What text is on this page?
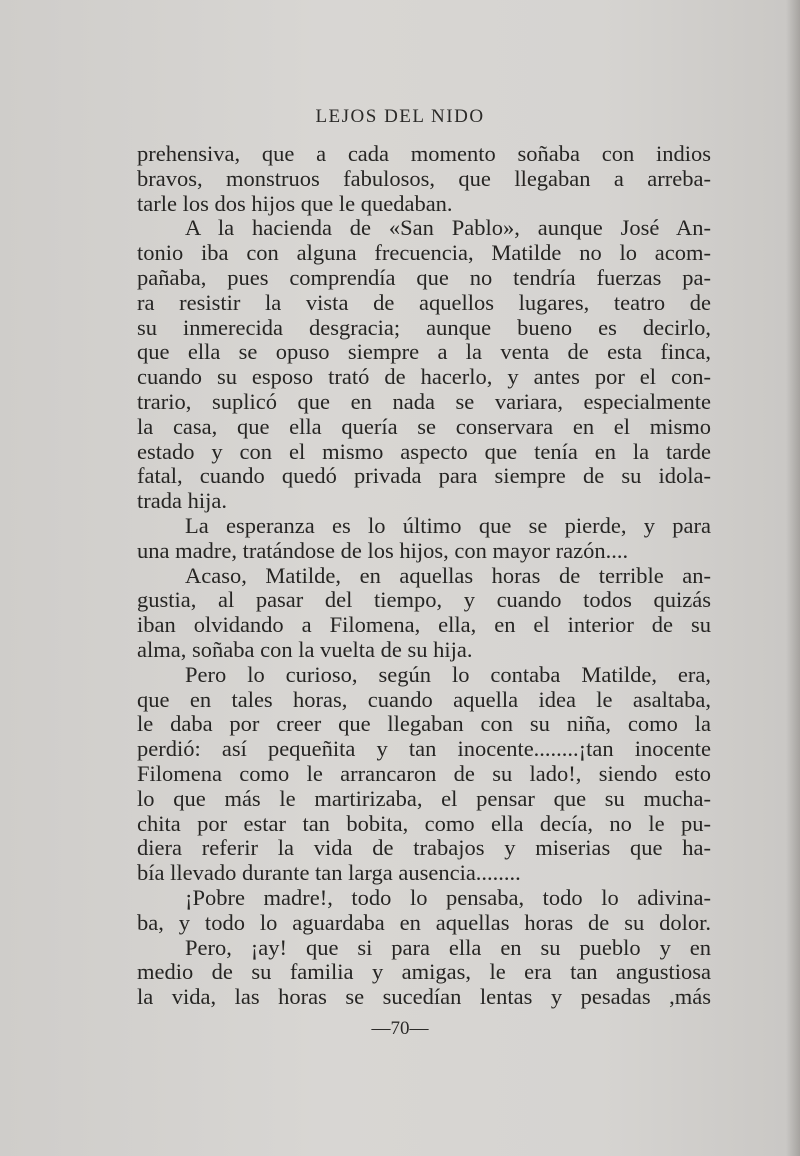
LEJOS DEL NIDO
prehensiva, que a cada momento soñaba con indios
bravos, monstruos fabulosos, que llegaban a arreba-
tarle los dos hijos que le quedaban.
A la hacienda de «San Pablo», aunque José An-
tonio iba con alguna frecuencia, Matilde no lo acom-
pañaba, pues comprendía que no tendría fuerzas pa-
ra resistir la vista de aquellos lugares, teatro de
su inmerecida desgracia; aunque bueno es decirlo,
que ella se opuso siempre a la venta de esta finca,
cuando su esposo trató de hacerlo, y antes por el con-
trario, suplicó que en nada se variara, especialmente
la casa, que ella quería se conservara en el mismo
estado y con el mismo aspecto que tenía en la tarde
fatal, cuando quedó privada para siempre de su idola-
trada hija.
La esperanza es lo último que se pierde, y para
una madre, tratándose de los hijos, con mayor razón....
Acaso, Matilde, en aquellas horas de terrible an-
gustia, al pasar del tiempo, y cuando todos quizás
iban olvidando a Filomena, ella, en el interior de su
alma, soñaba con la vuelta de su hija.
Pero lo curioso, según lo contaba Matilde, era,
que en tales horas, cuando aquella idea le asaltaba,
le daba por creer que llegaban con su niña, como la
perdió: así pequeñita y tan inocente........¡tan inocente
Filomena como le arrancaron de su lado!, siendo esto
lo que más le martirizaba, el pensar que su mucha-
chita por estar tan bobita, como ella decía, no le pu-
diera referir la vida de trabajos y miserias que ha-
bía llevado durante tan larga ausencia........
¡Pobre madre!, todo lo pensaba, todo lo adivina-
ba, y todo lo aguardaba en aquellas horas de su dolor.
Pero, ¡ay! que si para ella en su pueblo y en
medio de su familia y amigas, le era tan angustiosa
la vida, las horas se sucedían lentas y pesadas ,más
—70—
